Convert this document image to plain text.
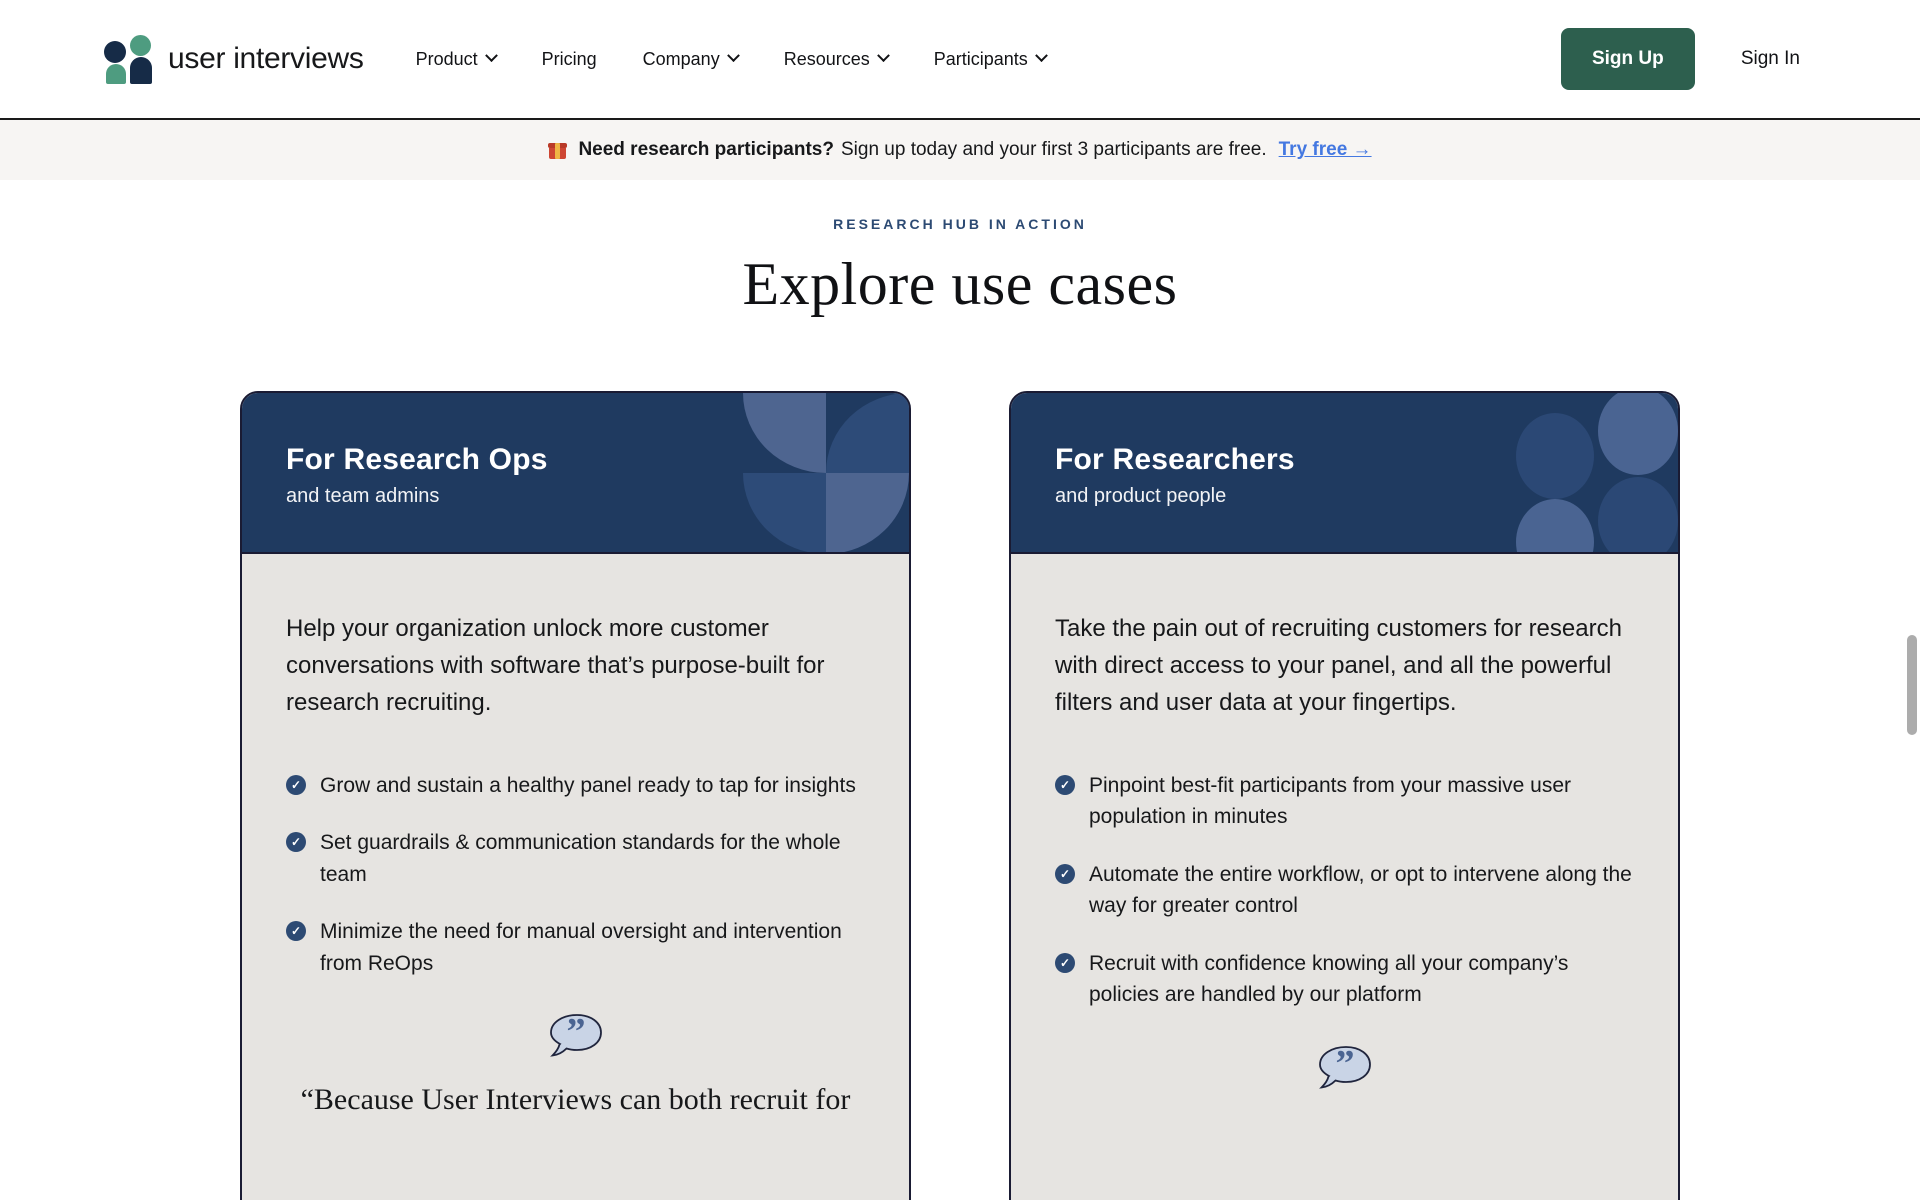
user interviews	Product	Pricing	Company	Resources	Participants	Sign Up	Sign In
Need research participants? Sign up today and your first 3 participants are free. Try free →
RESEARCH HUB IN ACTION
Explore use cases
For Research Ops
and team admins

Help your organization unlock more customer conversations with software that’s purpose-built for research recruiting.

✓ Grow and sustain a healthy panel ready to tap for insights
✓ Set guardrails & communication standards for the whole team
✓ Minimize the need for manual oversight and intervention from ReOps
”

“Because User Interviews can both recruit for

For Researchers
and product people

Take the pain out of recruiting customers for research with direct access to your panel, and all the powerful filters and user data at your fingertips.

✓ Pinpoint best-fit participants from your massive user population in minutes
✓ Automate the entire workflow, or opt to intervene along the way for greater control
✓ Recruit with confidence knowing all your company’s policies are handled by our platform
”
